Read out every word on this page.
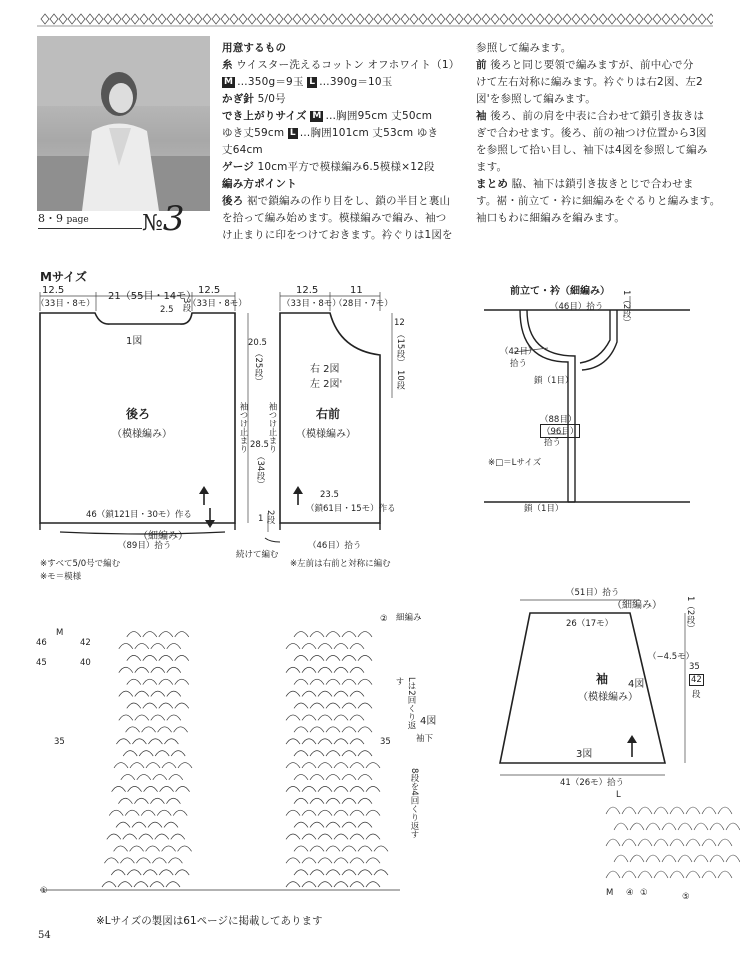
8・9 page №3
用意するもの
糸 ウイスター洗えるコットン オフホワイト（1）
M …350g＝9玉 L …390g＝10玉
かぎ針 5/0号
でき上がりサイズ M …胸囲95cm 丈50cm
ゆき丈59cm L …胸囲101cm 丈53cm ゆき
丈64cm
ゲージ 10cm平方で模様編み6.5模様×12段
編み方ポイント
後ろ 裾で鎖編みの作り目をし、鎖の半目と裏山
を拾って編み始めます。模様編みで編み、袖つ
け止まりに印をつけておきます。衿ぐりは1図を
参照して編みます。
前 後ろと同じ要領で編みますが、前中心で分
けて左右対称に編みます。衿ぐりは右2図、左2
図'を参照して編みます。
袖 後ろ、前の肩を中表に合わせて鎖引き抜きは
ぎで合わせます。後ろ、前の袖つけ位置から3図
を参照して拾い目し、袖下は4図を参照して編み
ます。
まとめ 脇、袖下は鎖引き抜きとじで合わせま
す。裾・前立て・衿に細編みをぐるりと編みます。
袖口もわに細編みを編みます。
Mサイズ
12.5
（33目・8モ）
21（55目・14モ）
12.5
（33目・8モ）
2.5 3段
1図
後ろ
（模様編み）
46（鎖121目・30モ）作る
（細編み）
（89目）拾う
20.5
（25段）
28.5
（34段）
袖つけ止まり
12.5
（33目・8モ）
11
（28目・7モ）
12
（15段）
10段
右 2図
左 2図'
右前
（模様編み）
袖つけ止まり
23.5
（鎖61目・15モ）作る
（46目）拾う
1 2段
続けて編む
※左前は右前と対称に編む
※すべて5/0号で編む
※モ＝模様
前立て・衿（細編み）
（46目）拾う 1（2段）
（42目）
拾う
鎖（1目）
（88目）
（96目）
拾う
※□＝Lサイズ
鎖（1目）
（51目）拾う
（細編み）	1（2段）
26（17モ）
（−4.5モ）
袖
（模様編み）
4図
3図
35
42
段
41（26モ）拾う
細編み
Lは2回くり返す
4図
袖下
8段を4回くり返す
35	35
M
46	42
45	40
①
②
L
M ④ ①	⑤
※Lサイズの製図は61ページに掲載してあります
54
